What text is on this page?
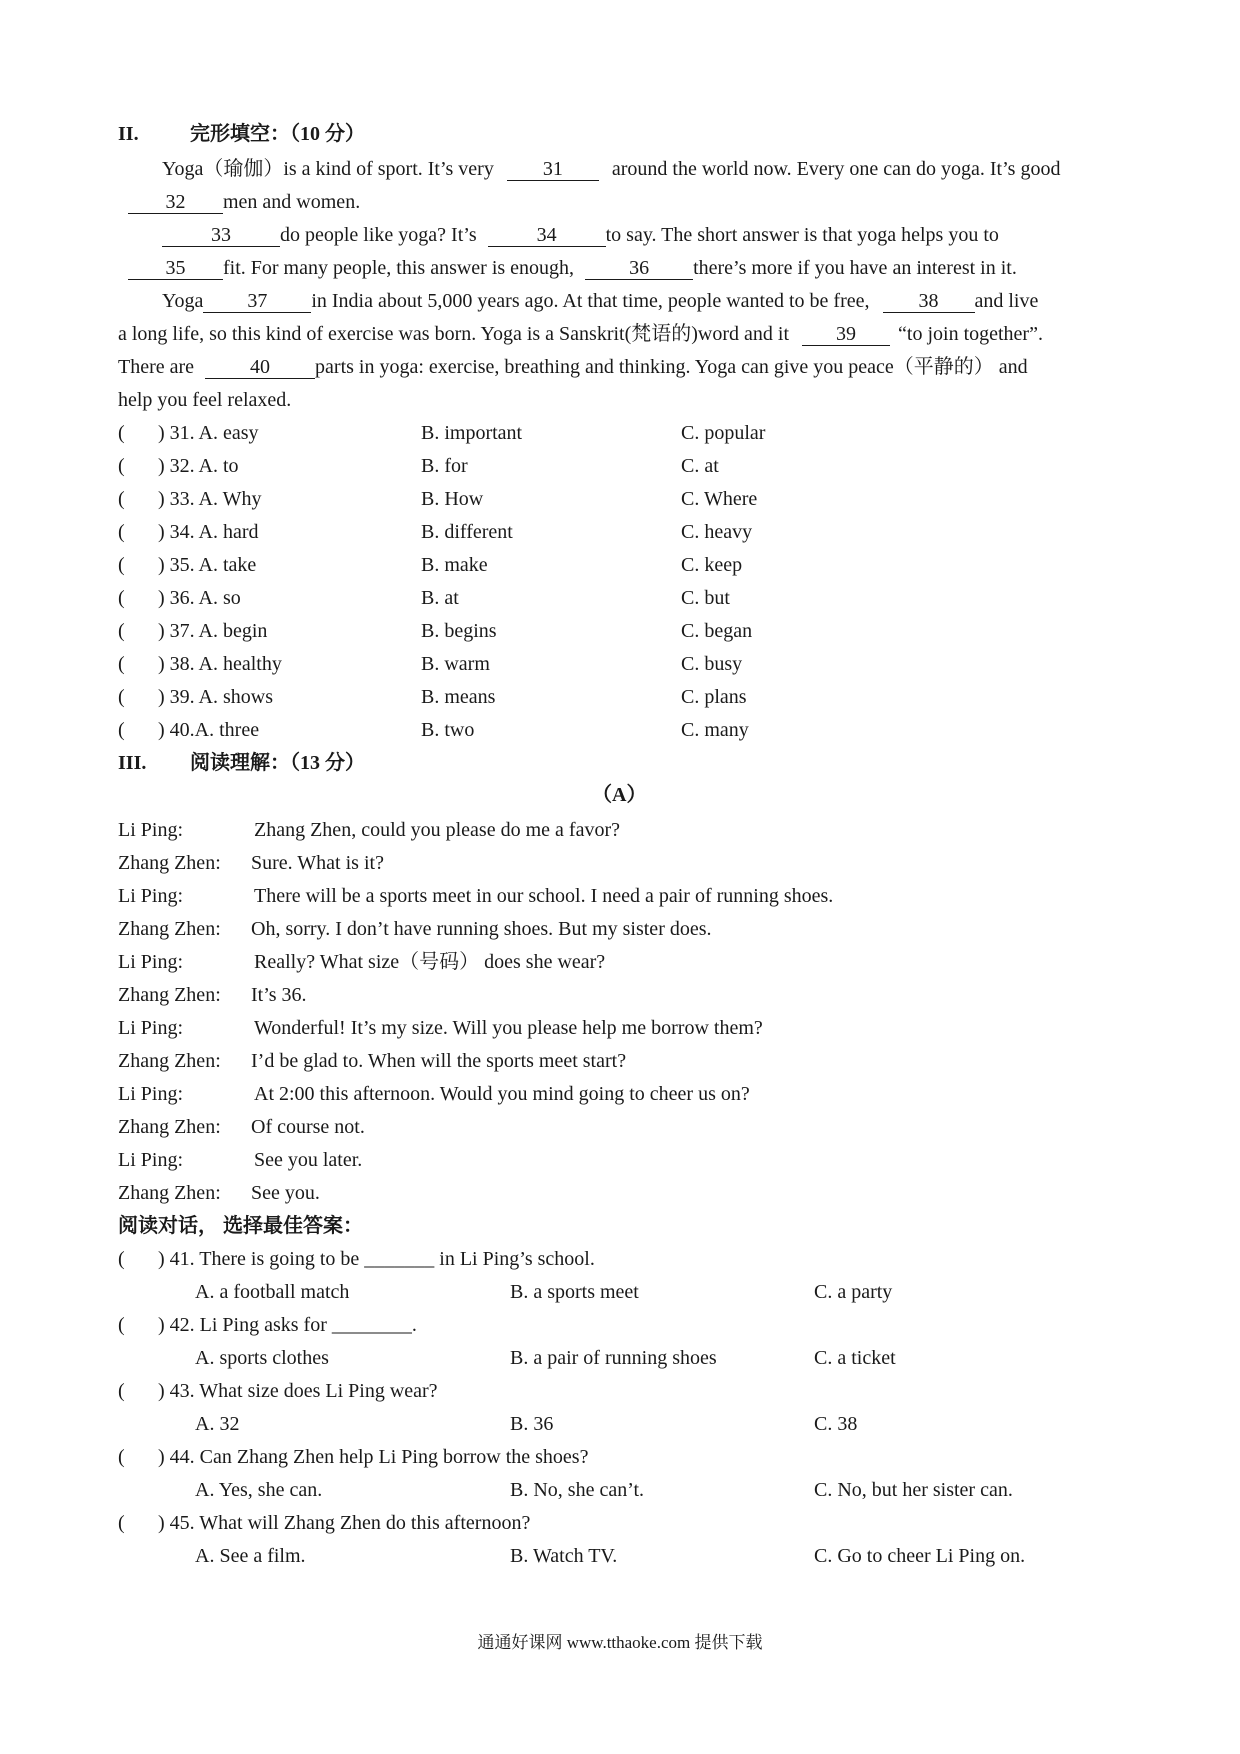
II.	完形填空：（10 分）
Yoga（瑜伽）is a kind of sport. It’s very 31 around the world now. Every one can do yoga. It’s good
32 men and women.
33 do people like yoga? It’s	34 to say. The short answer is that yoga helps you to
35 fit. For many people, this answer is enough,	36 there’s more if you have an interest in it.
Yoga 37 in India about 5,000 years ago. At that time, people wanted to be free, 38 and live
a long life, so this kind of exercise was born. Yoga is a Sanskrit(梵语的)word and it 39 “to join together”.
There are	40 parts in yoga: exercise, breathing and thinking. Yoga can give you peace（平静的） and
help you feel relaxed.
( ) 31. A. easy	B. important	C. popular
( ) 32. A. to	B. for	C. at
( ) 33. A. Why	B. How	C. Where
( ) 34. A. hard	B. different	C. heavy
( ) 35. A. take	B. make	C. keep
( ) 36. A. so	B. at	C. but
( ) 37. A. begin	B. begins	C. began
( ) 38. A. healthy	B. warm	C. busy
( ) 39. A. shows	B. means	C. plans
( ) 40.A. three	B. two	C. many
III. 阅读理解：（13 分）
（A）
Li Ping:	Zhang Zhen, could you please do me a favor?
Zhang Zhen: Sure. What is it?
Li Ping:	There will be a sports meet in our school. I need a pair of running shoes.
Zhang Zhen: Oh, sorry. I don’t have running shoes. But my sister does.
Li Ping:	Really? What size（号码） does she wear?
Zhang Zhen: It’s 36.
Li Ping:	Wonderful! It’s my size. Will you please help me borrow them?
Zhang Zhen: I’d be glad to. When will the sports meet start?
Li Ping:	At 2:00 this afternoon. Would you mind going to cheer us on?
Zhang Zhen: Of course not.
Li Ping:	See you later.
Zhang Zhen: See you.
阅读对话， 选择最佳答案：
( ) 41. There is going to be _______ in Li Ping’s school.
A. a football match	B. a sports meet	C. a party
( ) 42. Li Ping asks for ________.
A. sports clothes	B. a pair of running shoes	C. a ticket
( ) 43. What size does Li Ping wear?
A. 32	B. 36	C. 38
( ) 44. Can Zhang Zhen help Li Ping borrow the shoes?
A. Yes, she can.	B. No, she can’t.	C. No, but her sister can.
( ) 45. What will Zhang Zhen do this afternoon?
A. See a film.	B. Watch TV.	C. Go to cheer Li Ping on.
通通好课网 www.tthaoke.com 提供下载
